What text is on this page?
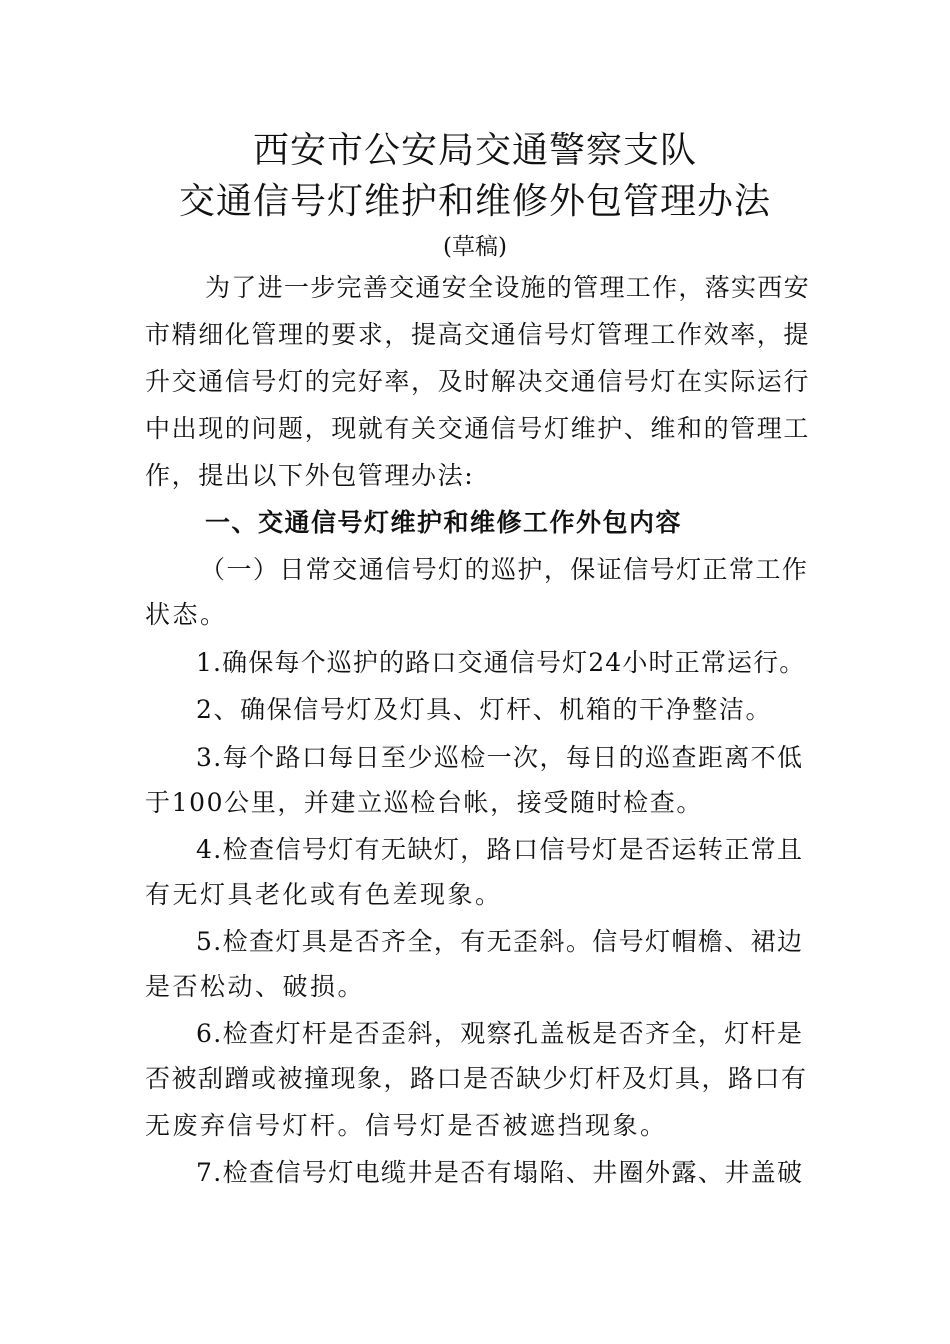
西安市公安局交通警察支队
交通信号灯维护和维修外包管理办法
(草稿)
为了进一步完善交通安全设施的管理工作，落实西安
市精细化管理的要求，提高交通信号灯管理工作效率，提
升交通信号灯的完好率，及时解决交通信号灯在实际运行
中出现的问题，现就有关交通信号灯维护、维和的管理工
作，提出以下外包管理办法:
一、交通信号灯维护和维修工作外包内容
（一）日常交通信号灯的巡护，保证信号灯正常工作
状态。
1.确保每个巡护的路口交通信号灯24小时正常运行。
2、确保信号灯及灯具、灯杆、机箱的干净整洁。
3.每个路口每日至少巡检一次，每日的巡查距离不低
于100公里，并建立巡检台帐，接受随时检查。
4.检查信号灯有无缺灯，路口信号灯是否运转正常且
有无灯具老化或有色差现象。
5.检查灯具是否齐全，有无歪斜。信号灯帽檐、裙边
是否松动、破损。
6.检查灯杆是否歪斜，观察孔盖板是否齐全，灯杆是
否被刮蹭或被撞现象，路口是否缺少灯杆及灯具，路口有
无废弃信号灯杆。信号灯是否被遮挡现象。
7.检查信号灯电缆井是否有塌陷、井圈外露、井盖破
